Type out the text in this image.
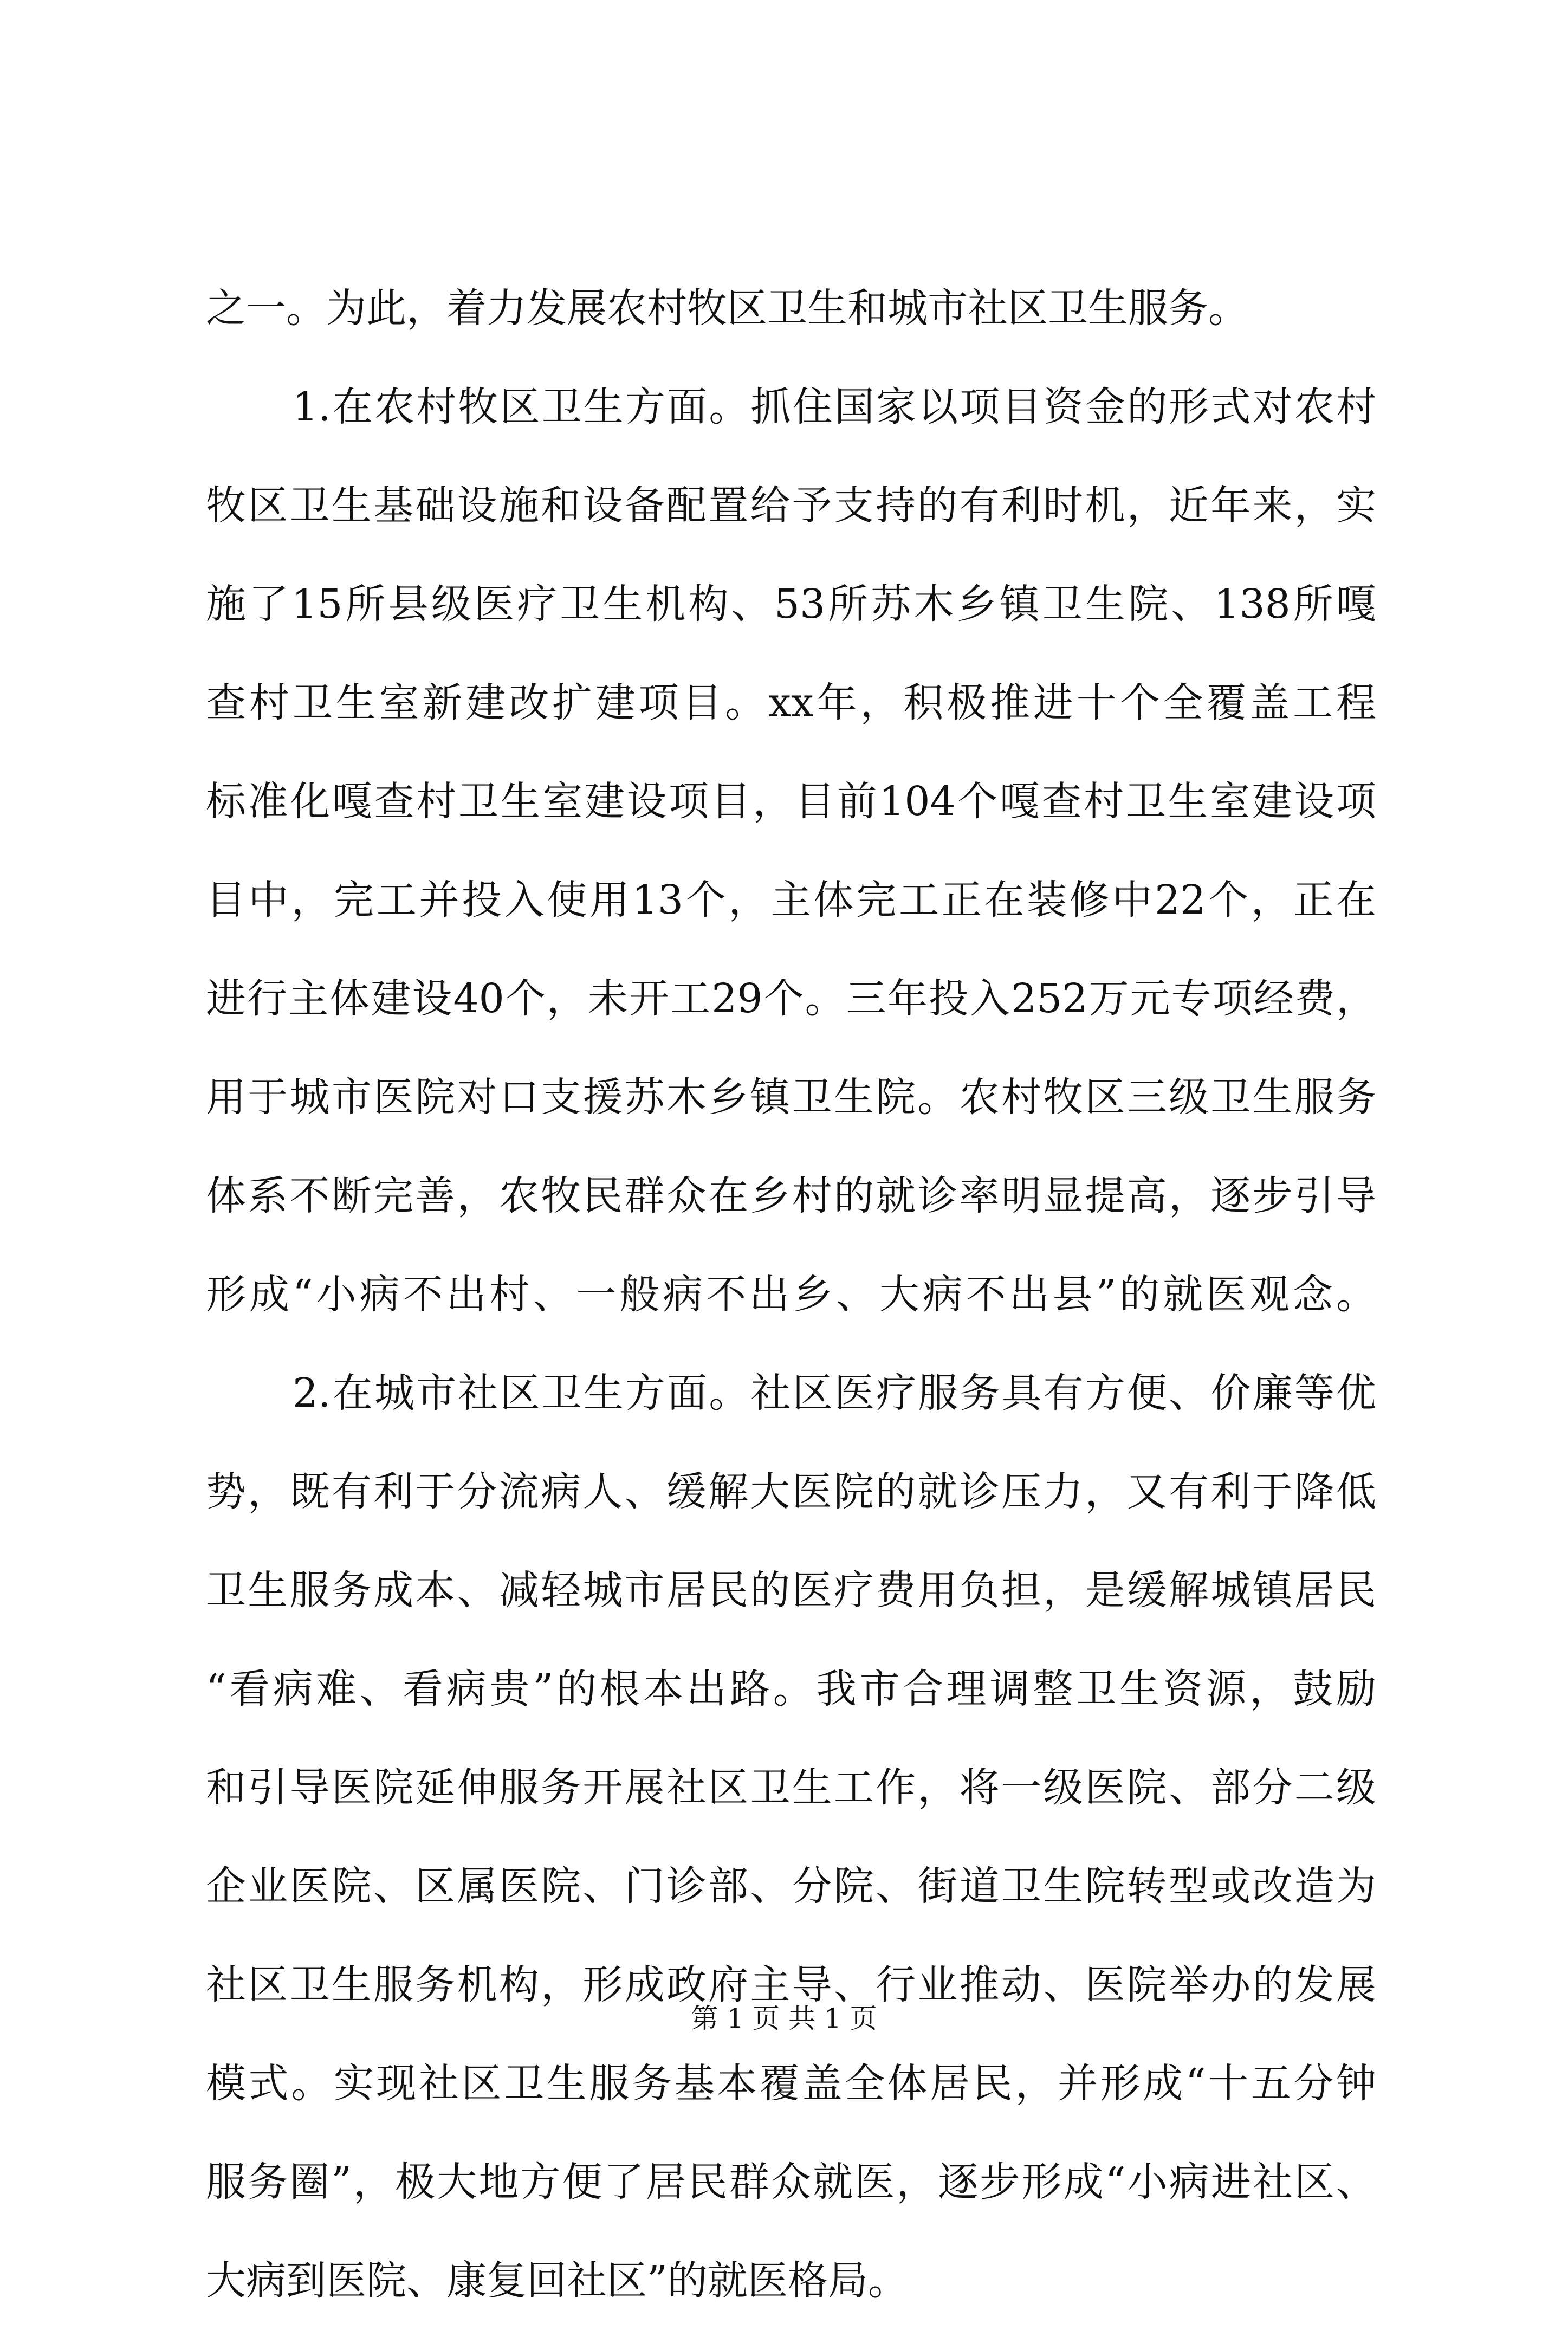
之一。为此，着力发展农村牧区卫生和城市社区卫生服务。
1.在农村牧区卫生方面。抓住国家以项目资金的形式对农村
牧区卫生基础设施和设备配置给予支持的有利时机，近年来，实
施了15所县级医疗卫生机构、53所苏木乡镇卫生院、138所嘎
查村卫生室新建改扩建项目。xx年，积极推进十个全覆盖工程
标准化嘎查村卫生室建设项目，目前104个嘎查村卫生室建设项
目中，完工并投入使用13个，主体完工正在装修中22个，正在
进行主体建设40个，未开工29个。三年投入252万元专项经费，
用于城市医院对口支援苏木乡镇卫生院。农村牧区三级卫生服务
体系不断完善，农牧民群众在乡村的就诊率明显提高，逐步引导
形成“小病不出村、一般病不出乡、大病不出县”的就医观念。
2.在城市社区卫生方面。社区医疗服务具有方便、价廉等优
势，既有利于分流病人、缓解大医院的就诊压力，又有利于降低
卫生服务成本、减轻城市居民的医疗费用负担，是缓解城镇居民
“看病难、看病贵”的根本出路。我市合理调整卫生资源，鼓励
和引导医院延伸服务开展社区卫生工作，将一级医院、部分二级
企业医院、区属医院、门诊部、分院、街道卫生院转型或改造为
社区卫生服务机构，形成政府主导、行业推动、医院举办的发展
模式。实现社区卫生服务基本覆盖全体居民，并形成“十五分钟
服务圈”，极大地方便了居民群众就医，逐步形成“小病进社区、
大病到医院、康复回社区”的就医格局。
第 1 页 共 1 页
